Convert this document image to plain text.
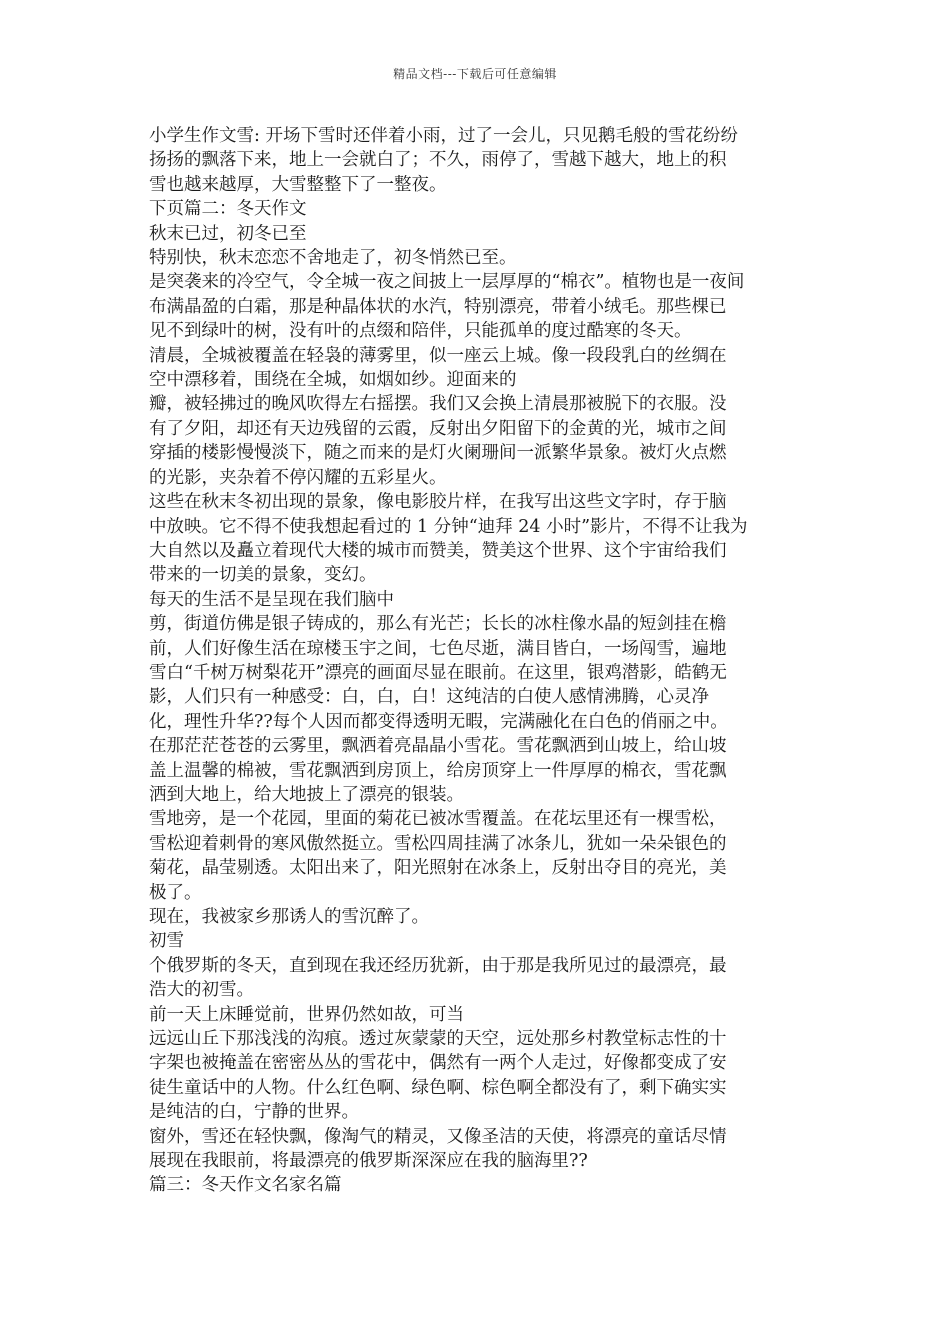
精品文档---下载后可任意编辑

小学生作文雪: 开场下雪时还伴着小雨，过了一会儿，只见鹅毛般的雪花纷纷

扬扬的飘落下来，地上一会就白了；不久，雨停了，雪越下越大，地上的积

雪也越来越厚，大雪整整下了一整夜。

下页篇二：冬天作文

秋末已过，初冬已至

特别快，秋末恋恋不舍地走了，初冬悄然已至。

是突袭来的冷空气，令全城一夜之间披上一层厚厚的“棉衣”。植物也是一夜间

布满晶盈的白霜，那是种晶体状的水汽，特别漂亮，带着小绒毛。那些棵已

见不到绿叶的树，没有叶的点缀和陪伴，只能孤单的度过酷寒的冬天。

清晨，全城被覆盖在轻袅的薄雾里，似一座云上城。像一段段乳白的丝绸在

空中漂移着，围绕在全城，如烟如纱。迎面来的

瓣，被轻拂过的晚风吹得左右摇摆。我们又会换上清晨那被脱下的衣服。没

有了夕阳，却还有天边残留的云霞，反射出夕阳留下的金黄的光，城市之间

穿插的楼影慢慢淡下，随之而来的是灯火阑珊间一派繁华景象。被灯火点燃

的光影，夹杂着不停闪耀的五彩星火。

这些在秋末冬初出现的景象，像电影胶片样，在我写出这些文字时，存于脑

中放映。它不得不使我想起看过的 1 分钟“迪拜 24 小时”影片，不得不让我为

大自然以及矗立着现代大楼的城市而赞美，赞美这个世界、这个宇宙给我们

带来的一切美的景象，变幻。

每天的生活不是呈现在我们脑中

剪，街道仿佛是银子铸成的，那么有光芒；长长的冰柱像水晶的短剑挂在檐

前，人们好像生活在琼楼玉宇之间，七色尽逝，满目皆白，一场闯雪，遍地

雪白“千树万树梨花开”漂亮的画面尽显在眼前。在这里，银鸡潜影，皓鹤无

影，人们只有一种感受：白，白，白！这纯洁的白使人感情沸腾，心灵净

化，理性升华??每个人因而都变得透明无暇，完满融化在白色的俏丽之中。

在那茫茫苍苍的云雾里，飘洒着亮晶晶小雪花。雪花飘洒到山坡上，给山坡

盖上温馨的棉被，雪花飘洒到房顶上，给房顶穿上一件厚厚的棉衣，雪花飘

洒到大地上，给大地披上了漂亮的银装。

雪地旁，是一个花园，里面的菊花已被冰雪覆盖。在花坛里还有一棵雪松，

雪松迎着刺骨的寒风傲然挺立。雪松四周挂满了冰条儿，犹如一朵朵银色的

菊花，晶莹剔透。太阳出来了，阳光照射在冰条上，反射出夺目的亮光，美

极了。

现在，我被家乡那诱人的雪沉醉了。

初雪

个俄罗斯的冬天，直到现在我还经历犹新，由于那是我所见过的最漂亮，最

浩大的初雪。

前一天上床睡觉前，世界仍然如故，可当

远远山丘下那浅浅的沟痕。透过灰蒙蒙的天空，远处那乡村教堂标志性的十

字架也被掩盖在密密丛丛的雪花中，偶然有一两个人走过，好像都变成了安

徒生童话中的人物。什么红色啊、绿色啊、棕色啊全都没有了，剩下确实实

是纯洁的白，宁静的世界。

窗外，雪还在轻快飘，像淘气的精灵，又像圣洁的天使，将漂亮的童话尽情

展现在我眼前，将最漂亮的俄罗斯深深应在我的脑海里??

篇三：冬天作文名家名篇
